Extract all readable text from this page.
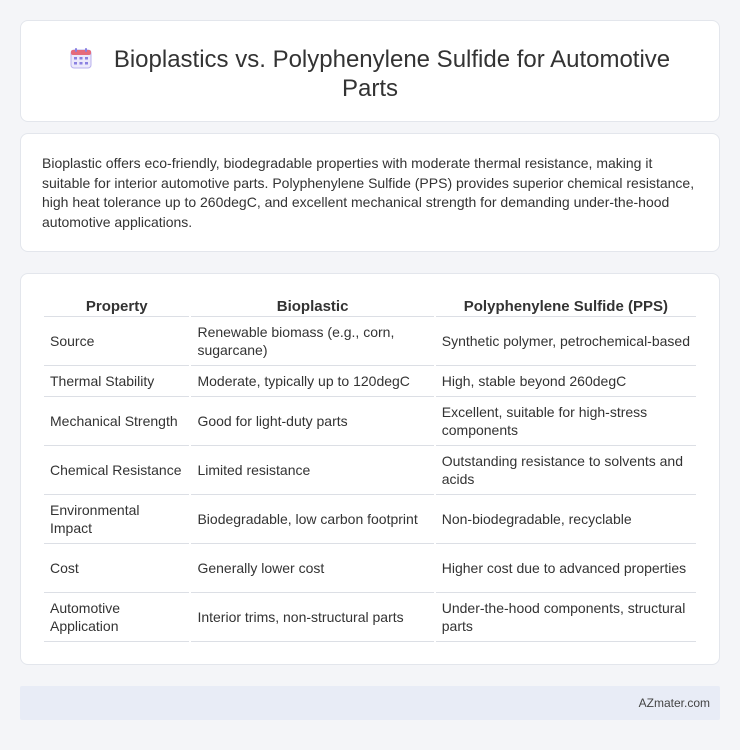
Bioplastics vs. Polyphenylene Sulfide for Automotive Parts

Bioplastic offers eco-friendly, biodegradable properties with moderate thermal resistance, making it suitable for interior automotive parts. Polyphenylene Sulfide (PPS) provides superior chemical resistance, high heat tolerance up to 260degC, and excellent mechanical strength for demanding under-the-hood automotive applications.

Property	Bioplastic	Polyphenylene Sulfide (PPS)
Source	Renewable biomass (e.g., corn, sugarcane)	Synthetic polymer, petrochemical-based
Thermal Stability	Moderate, typically up to 120degC	High, stable beyond 260degC
Mechanical Strength	Good for light-duty parts	Excellent, suitable for high-stress components
Chemical Resistance	Limited resistance	Outstanding resistance to solvents and acids
Environmental Impact	Biodegradable, low carbon footprint	Non-biodegradable, recyclable
Cost	Generally lower cost	Higher cost due to advanced properties
Automotive Application	Interior trims, non-structural parts	Under-the-hood components, structural parts
AZmater.com
